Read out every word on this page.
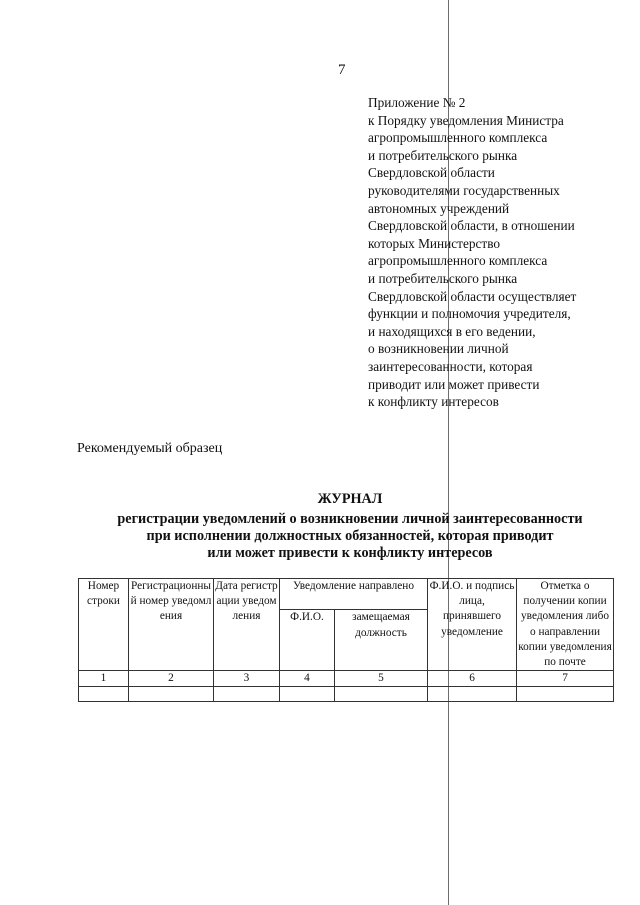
7
Приложение № 2
к Порядку уведомления Министра
агропромышленного комплекса
и потребительского рынка
Свердловской области
руководителями государственных
автономных учреждений
Свердловской области, в отношении
которых Министерство
агропромышленного комплекса
и потребительского рынка
Свердловской области осуществляет
функции и полномочия учредителя,
и находящихся в его ведении,
о возникновении личной
заинтересованности, которая
приводит или может привести
к конфликту интересов
Рекомендуемый образец
ЖУРНАЛ
регистрации уведомлений о возникновении личной заинтересованности
при исполнении должностных обязанностей, которая приводит
или может привести к конфликту интересов
Номер строки	Регистрационный номер уведомления	Дата регистрации уведомления	Уведомление направлено		Ф.И.О. и подпись лица, принявшего уведомление	Отметка о получении копии уведомления либо о направлении копии уведомления по почте
			Ф.И.О.	замещаемая должность		
1	2	3	4	5	6	7
